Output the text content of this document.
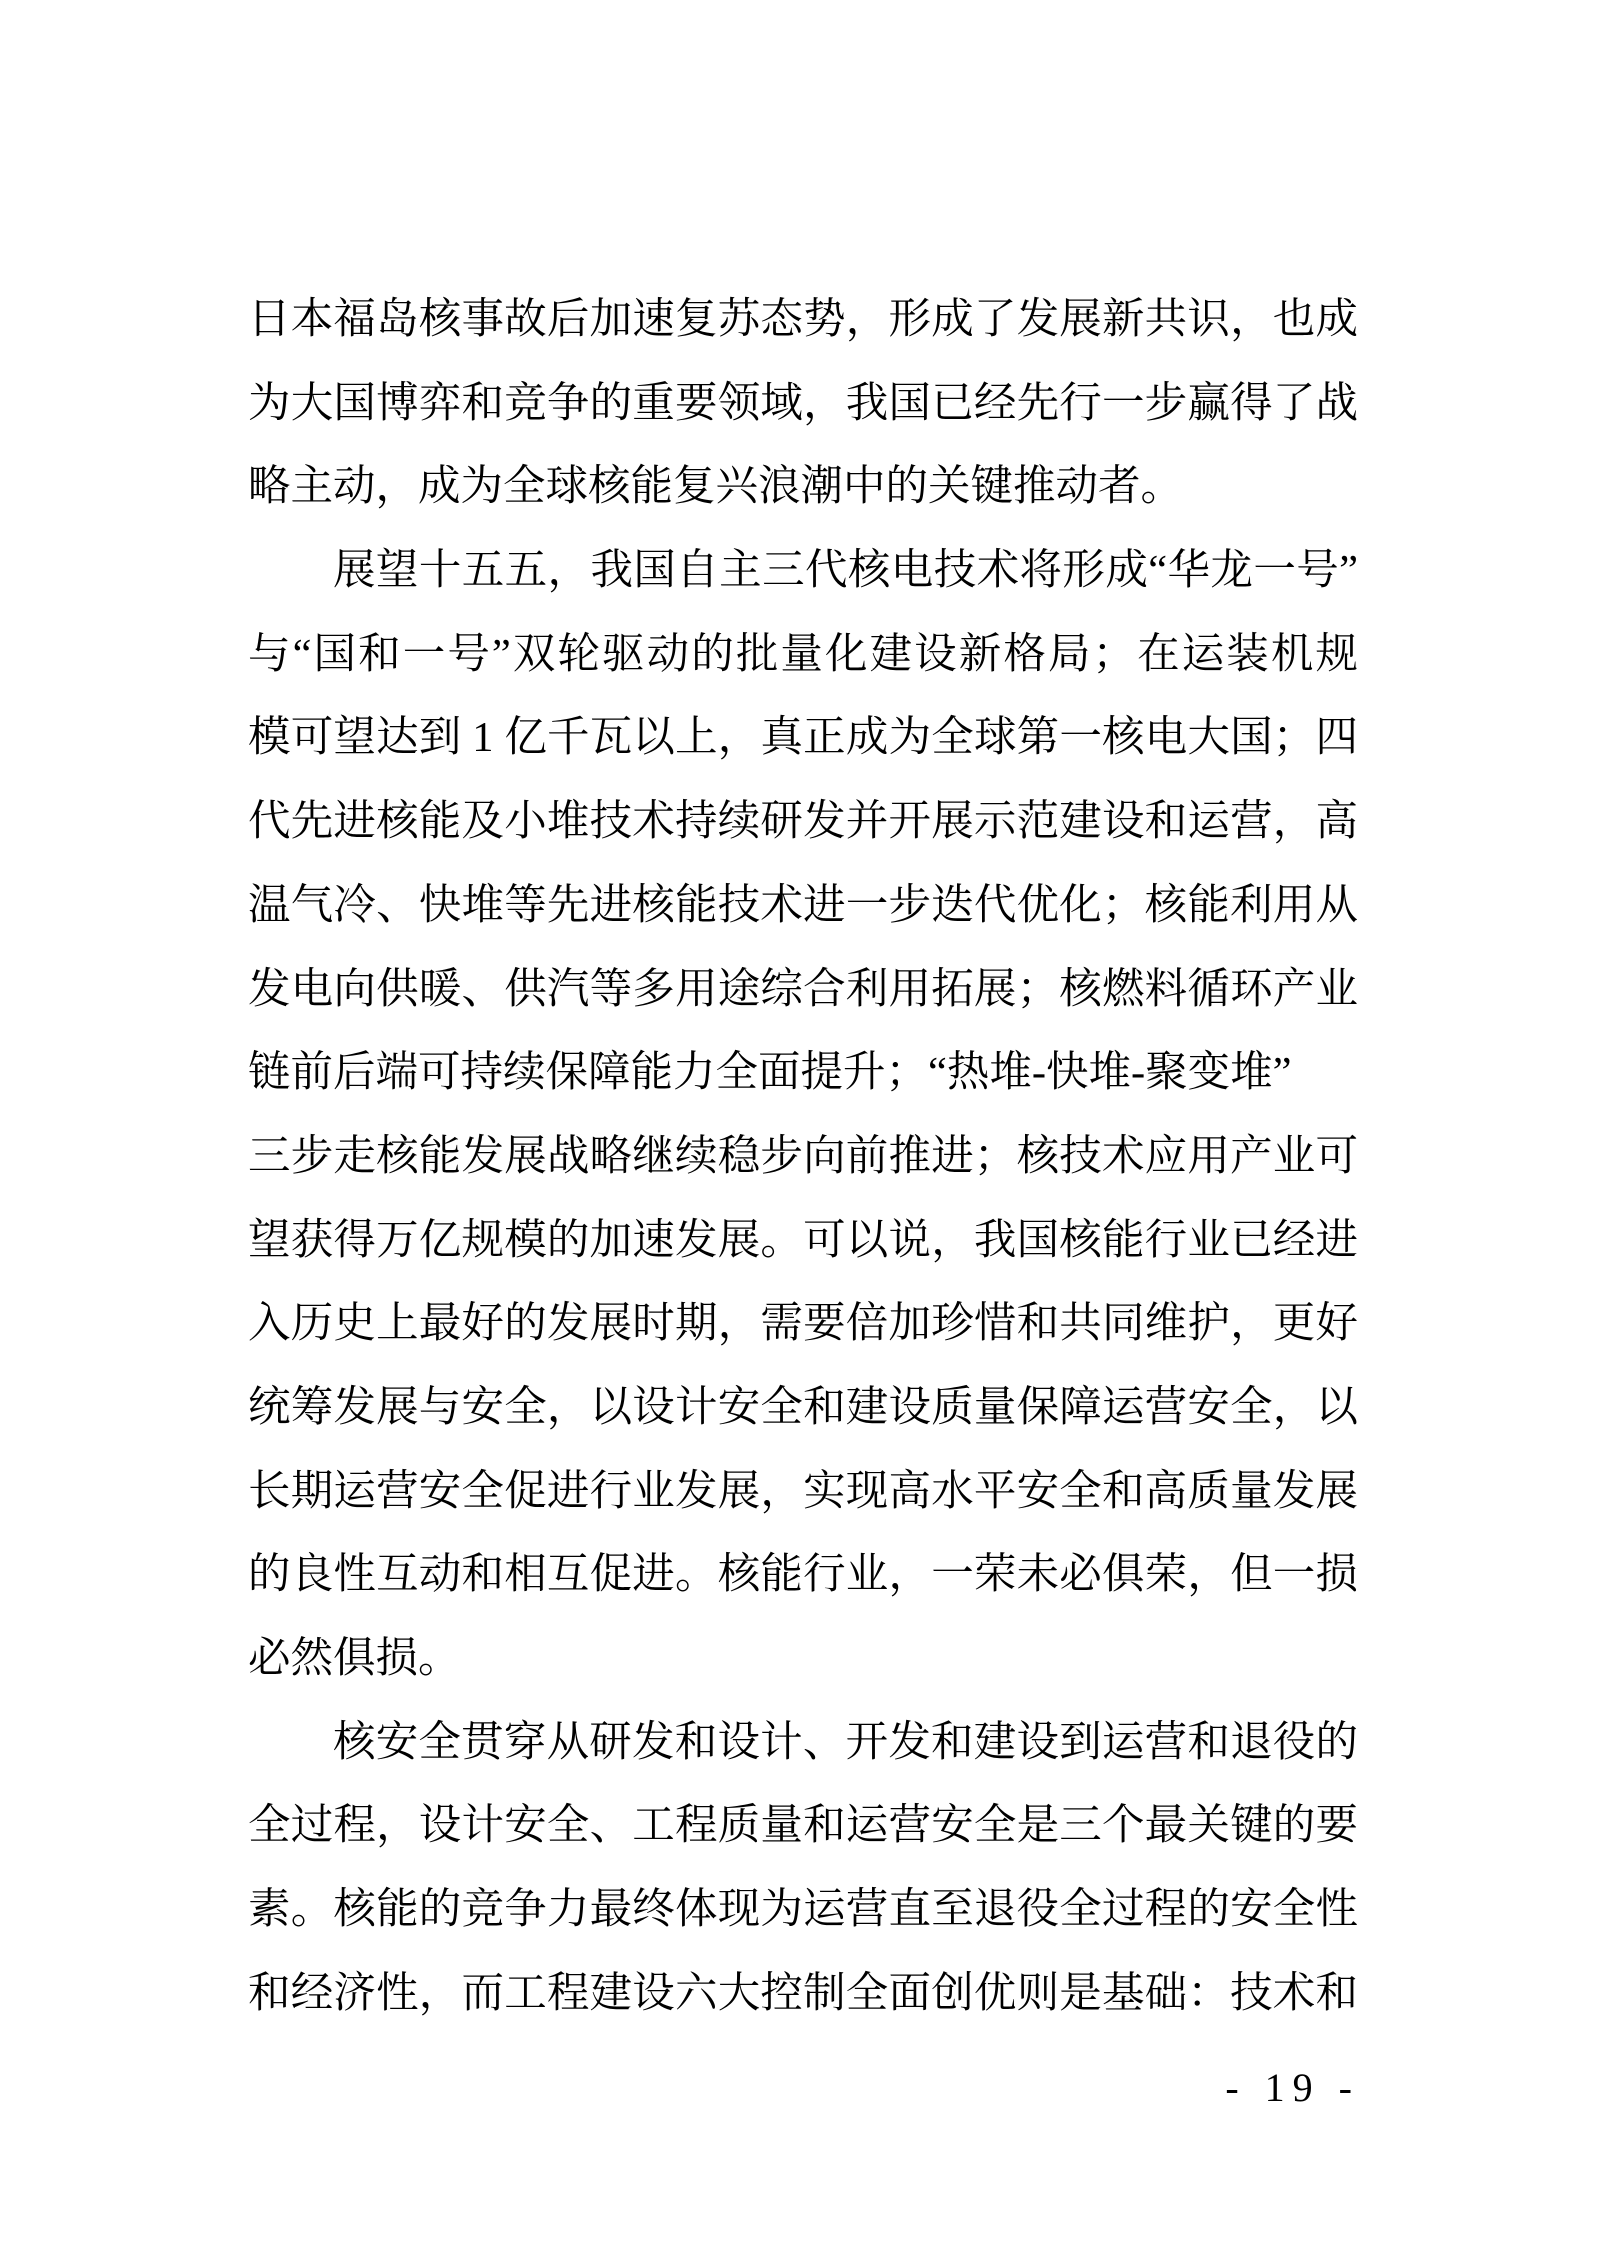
日本福岛核事故后加速复苏态势，形成了发展新共识，也成
为大国博弈和竞争的重要领域，我国已经先行一步赢得了战
略主动，成为全球核能复兴浪潮中的关键推动者。
展望十五五，我国自主三代核电技术将形成“华龙一号”
与“国和一号”双轮驱动的批量化建设新格局；在运装机规
模可望达到 1 亿千瓦以上，真正成为全球第一核电大国；四
代先进核能及小堆技术持续研发并开展示范建设和运营，高
温气冷、快堆等先进核能技术进一步迭代优化；核能利用从
发电向供暖、供汽等多用途综合利用拓展；核燃料循环产业
链前后端可持续保障能力全面提升；“热堆-快堆-聚变堆”
三步走核能发展战略继续稳步向前推进；核技术应用产业可
望获得万亿规模的加速发展。可以说，我国核能行业已经进
入历史上最好的发展时期，需要倍加珍惜和共同维护，更好
统筹发展与安全，以设计安全和建设质量保障运营安全，以
长期运营安全促进行业发展，实现高水平安全和高质量发展
的良性互动和相互促进。核能行业，一荣未必俱荣，但一损
必然俱损。
核安全贯穿从研发和设计、开发和建设到运营和退役的
全过程，设计安全、工程质量和运营安全是三个最关键的要
素。核能的竞争力最终体现为运营直至退役全过程的安全性
和经济性，而工程建设六大控制全面创优则是基础：技术和
- 19 -
